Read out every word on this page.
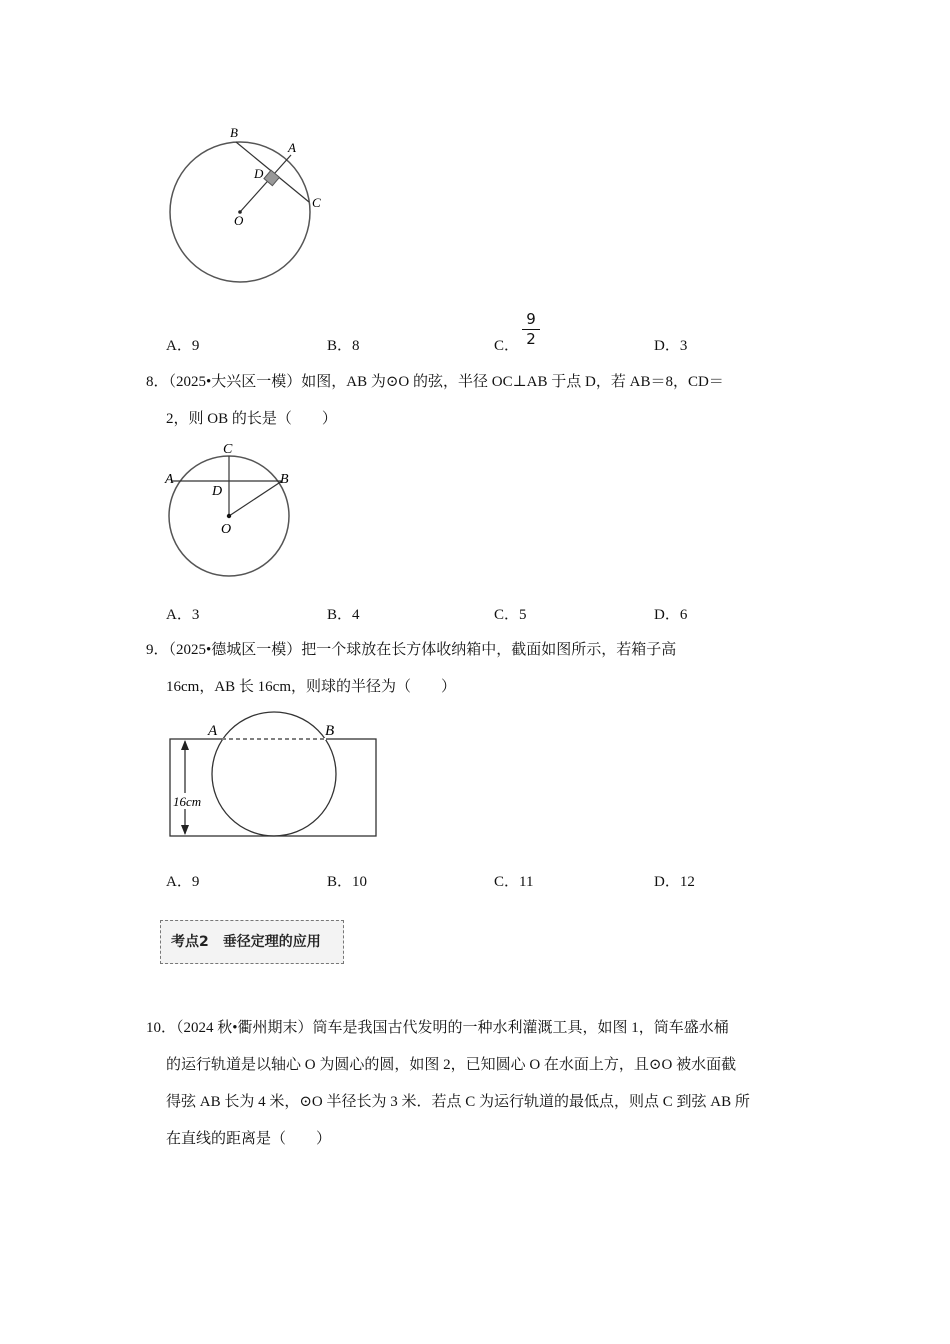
B
A
D
O
C
A．9	B．8	C．
9
2	D．3
8．（2025•大兴区一模）如图，AB 为⊙O 的弦，半径 OC⊥AB 于点 D，若 AB＝8，CD＝
2，则 OB 的长是（　　）
C
A	B
D
O
A．3	B．4	C．5	D．6
9．（2025•德城区一模）把一个球放在长方体收纳箱中，截面如图所示，若箱子高
16cm，AB 长 16cm，则球的半径为（　　）
16cm
A	B
A．9	B．10	C．11	D．12
考点2 垂径定理的应用
10．（2024 秋•衢州期末）筒车是我国古代发明的一种水利灌溉工具，如图 1，筒车盛水桶
的运行轨道是以轴心 O 为圆心的圆，如图 2，已知圆心 O 在水面上方，且⊙O 被水面截
得弦 AB 长为 4 米，⊙O 半径长为 3 米．若点 C 为运行轨道的最低点，则点 C 到弦 AB 所
在直线的距离是（　　）
